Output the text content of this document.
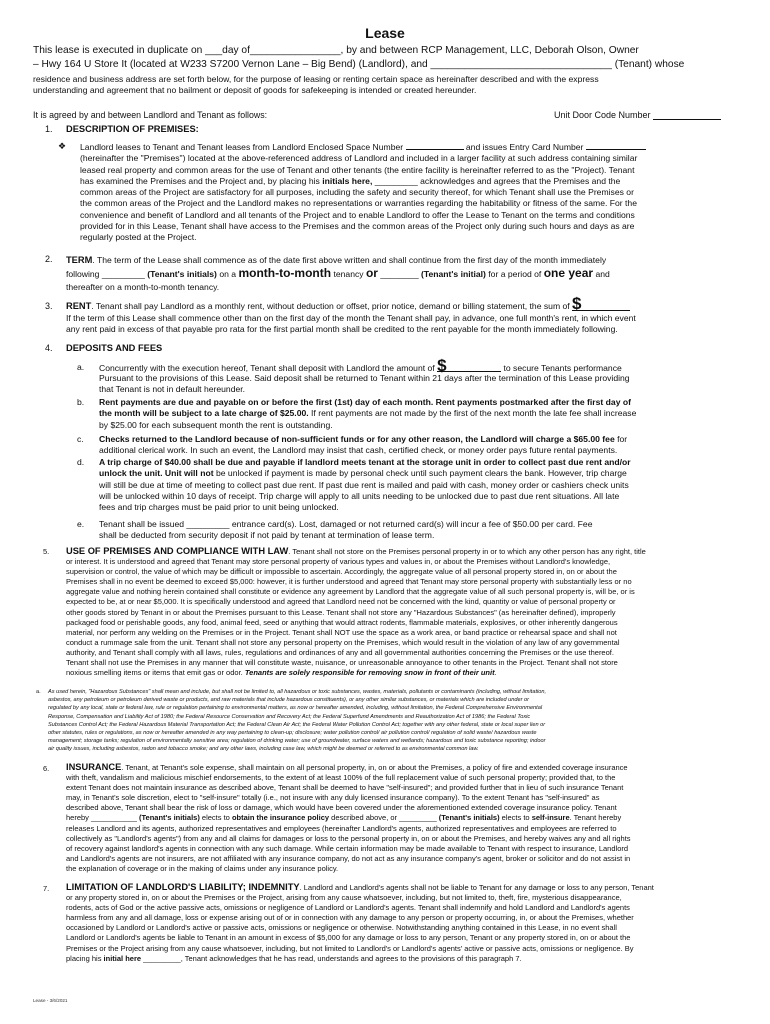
Lease
This lease is executed in duplicate on ___day of________________, by and between RCP Management, LLC, Deborah Olson, Owner
– Hwy 164 U Store It (located at W233 S7200 Vernon Lane – Big Bend) (Landlord), and ________________________________ (Tenant) whose
residence and business address are set forth below, for the purpose of leasing or renting certain space as hereinafter described and with the express
understanding and agreement that no bailment or deposit of goods for safekeeping is intended or created hereunder.
It is agreed by and between Landlord and Tenant as follows:	Unit Door Code Number
1. DESCRIPTION OF PREMISES:
❖ Landlord leases to Tenant and Tenant leases from Landlord Enclosed Space Number	and issues Entry Card Number
(hereinafter the "Premises") located at the above-referenced address of Landlord and included in a larger facility at such address containing similar
leased real property and common areas for the use of Tenant and other tenants (the entire facility is hereinafter referred to as the "Project). Tenant
has examined the Premises and the Project and, by placing his initials here, _________ acknowledges and agrees that the Premises and the
common areas of the Project are satisfactory for all purposes, including the safety and security thereof, for which Tenant shall use the Premises or
the common areas of the Project and the Landlord makes no representations or warranties regarding the habitability or fitness of the same. For the
convenience and benefit of Landlord and all tenants of the Project and to enable Landlord to offer the Lease to Tenant on the terms and conditions
provided for in this Lease, Tenant shall have access to the Premises and the common areas of the Project only during such hours and days as are
regularly posted at the Project.
2. TERM. The term of the Lease shall commence as of the date first above written and shall continue from the first day of the month immediately
following _________ (Tenant's initials) on a month-to-month tenancy or ________ (Tenant's initial) for a period of one year and
thereafter on a month-to-month tenancy.
3. RENT. Tenant shall pay Landlord as a monthly rent, without deduction or offset, prior notice, demand or billing statement, the sum of $
If the term of this Lease shall commence other than on the first day of the month the Tenant shall pay, in advance, one full month's rent, in which event
any rent paid in excess of that payable pro rata for the first partial month shall be credited to the rent payable for the month immediately following.
4. DEPOSITS AND FEES
a. Concurrently with the execution hereof, Tenant shall deposit with Landlord the amount of $	to secure Tenants performance
Pursuant to the provisions of this Lease. Said deposit shall be returned to Tenant within 21 days after the termination of this Lease providing
that Tenant is not in default hereunder.
b. Rent payments are due and payable on or before the first (1st) day of each month. Rent payments postmarked after the first day of
the month will be subject to a late charge of $25.00. If rent payments are not made by the first of the next month the late fee shall increase
by $25.00 for each subsequent month the rent is outstanding.
c. Checks returned to the Landlord because of non-sufficient funds or for any other reason, the Landlord will charge a $65.00 fee for
additional clerical work. In such an event, the Landlord may insist that cash, certified check, or money order pays future rental payments.
d. A trip charge of $40.00 shall be due and payable if landlord meets tenant at the storage unit in order to collect past due rent and/or
unlock the unit. Unit will not be unlocked if payment is made by personal check until such payment clears the bank. However, trip charge
will still be due at time of meeting to collect past due rent. If past due rent is mailed and paid with cash, money order or cashiers check units
will be unlocked within 10 days of receipt. Trip charge will apply to all units needing to be unlocked due to past due rent situations. All late
fees and trip charges must be paid prior to unit being unlocked.
e. Tenant shall be issued _________ entrance card(s). Lost, damaged or not returned card(s) will incur a fee of $50.00 per card. Fee
shall be deducted from security deposit if not paid by tenant at termination of lease term.
5. USE OF PREMISES AND COMPLIANCE WITH LAW. Tenant shall not store on the Premises personal property in or to which any other person has any right, title
or interest. It is understood and agreed that Tenant may store personal property of various types and values in, or about the Premises without Landlord's knowledge,
supervision or control, the value of which may be difficult or impossible to ascertain. Accordingly, the aggregate value of all personal property stored in, on or about the
Premises shall in no event be deemed to exceed $5,000: however, it is further understood and agreed that Tenant may store personal property with substantially less or no
aggregate value and nothing herein contained shall constitute or evidence any agreement by Landlord that the aggregate value of all such personal property is, will be, or is
expected to be, at or near $5,000. It is specifically understood and agreed that Landlord need not be concerned with the kind, quantity or value of personal property or
other goods stored by Tenant in or about the Premises pursuant to this Lease. Tenant shall not store any "Hazardous Substances" (as hereinafter defined), improperly
packaged food or perishable goods, any food, animal feed, seed or anything that would attract rodents, flammable materials, explosives, or other inherently dangerous
material, nor perform any welding on the Premises or in the Project. Tenant shall NOT use the space as a work area, or band practice or rehearsal space and shall not
conduct a rummage sale from the unit. Tenant shall not store any personal property on the Premises, which would result in the violation of any law of any governmental
authority, and Tenant shall comply with all laws, rules, regulations and ordinances of any and all governmental authorities concerning the Premises or the use thereof.
Tenant shall not use the Premises in any manner that will constitute waste, nuisance, or unreasonable annoyance to other tenants in the Project. Tenant shall not store
noxious smelling items or items that emit gas or odor. Tenants are solely responsible for removing snow in front of their unit.
a. As used herein, "Hazardous Substances" shall mean and include, but shall not be limited to, all hazardous or toxic substances, wastes, materials, pollutants or contaminants (including, without limitation,
asbestos, any petroleum or petroleum derived waste or products, and raw materials that include hazardous constituents), or any other similar substances, or materials which are included under or
regulated by any local, state or federal law, rule or regulation pertaining to environmental matters, as now or hereafter amended, including, without limitation, the Federal Comprehensive Environmental
Response, Compensation and Liability Act of 1980; the Federal Resource Conservation and Recovery Act; the Federal Superfund Amendments and Reauthorization Act of 1986; the Federal Toxic
Substances Control Act; the Federal Hazardous Material Transportation Act; the Federal Clean Air Act; the Federal Water Pollution Control Act; together with any other federal, state or local super lien or
other statutes, rules or regulations, as now or hereafter amended in any way pertaining to clean-up; disclosure; water pollution control/ air pollution control/ regulation of solid waste/ hazardous waste
management; storage tanks; regulation of environmentally sensitive area; regulation of drinking water; use of groundwater, surface waters and wetlands; hazardous and toxic substance reporting; indoor
air quality issues, including asbestos, radon and tobacco smoke; and any other laws, including case law, which might be deemed or referred to as environmental common law.
6. INSURANCE. Tenant, at Tenant's sole expense, shall maintain on all personal property, in, on or about the Premises, a policy of fire and extended coverage insurance
with theft, vandalism and malicious mischief endorsements, to the extent of at least 100% of the full replacement value of such personal property; provided that, to the
extent Tenant does not maintain insurance as described above, Tenant shall be deemed to have "self-insured"; and provided further that in lieu of such insurance Tenant
may, in Tenant's sole discretion, elect to "self-insure" totally (i.e., not insure with any duly licensed insurance company). To the extent Tenant has "self-insured" as
described above, Tenant shall bear the risk of loss or damage, which would have been covered under the aforementioned extended coverage insurance policy. Tenant
hereby ___________ (Tenant's initials) elects to obtain the insurance policy described above, or _________ (Tenant's initials) elects to self-insure. Tenant hereby
releases Landlord and its agents, authorized representatives and employees (hereinafter Landlord's agents, authorized representatives and employees are referred to
collectively as "Landlord's agents") from any and all claims for damages or loss to the personal property in, on or about the Premises, and hereby waives any and all rights
of recovery against landlord's agents in connection with any such damage. While certain information may be made available to Tenant with respect to insurance, Landlord
and Landlord's agents are not insurers, are not affiliated with any insurance company, do not act as any insurance company's agent, broker or solicitor and do not assist in
the explanation of coverage or in the making of claims under any insurance policy.
7. LIMITATION OF LANDLORD'S LIABILITY; INDEMNITY. Landlord and Landlord's agents shall not be liable to Tenant for any damage or loss to any person, Tenant
or any property stored in, on or about the Premises or the Project, arising from any cause whatsoever, including, but not limited to, theft, fire, mysterious disappearance,
rodents, acts of God or the active passive acts, omissions or negligence of Landlord or Landlord's agents. Tenant shall indemnify and hold Landlord and Landlord's agents
harmless from any and all damage, loss or expense arising out of or in connection with any damage to any person or property occurring, in, or about the Premises, whether
occasioned by Landlord or Landlord's active or passive acts, omissions or negligence or otherwise. Notwithstanding anything contained in this Lease, in no event shall
Landlord or Landlord's agents be liable to Tenant in an amount in excess of $5,000 for any damage or loss to any person, Tenant or any property stored in, on or about the
Premises or the Project arising from any cause whatsoever, including, but not limited to Landlord's or Landlord's agents' active or passive acts, omissions or negligence. By
placing his initial here _________, Tenant acknowledges that he has read, understands and agrees to the provisions of this paragraph 7.
Lease - 3/6/2021
